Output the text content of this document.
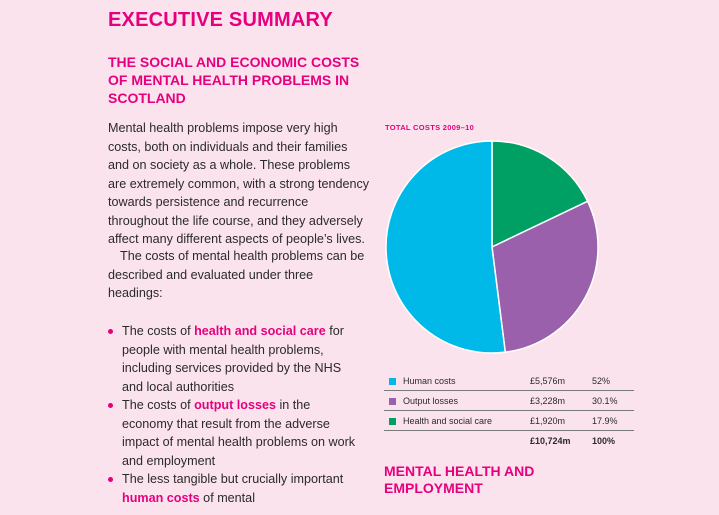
EXECUTIVE SUMMARY
THE SOCIAL AND ECONOMIC COSTS OF MENTAL HEALTH PROBLEMS IN SCOTLAND

Mental health problems impose very high costs, both on individuals and their families and on society as a whole. These problems are extremely common, with a strong tendency towards persistence and recurrence throughout the life course, and they adversely affect many different aspects of people’s lives.

The costs of mental health problems can be described and evaluated under three headings:

The costs of health and social care for people with mental health problems, including services provided by the NHS and local authorities
The costs of output losses in the economy that result from the adverse impact of mental health problems on work and employment
The less tangible but crucially important human costs of mental
TOTAL COSTS 2009–10
Human costs	£5,576m	52%
Output losses	£3,228m	30.1%
Health and social care	£1,920m	17.9%
	£10,724m	100%
MENTAL HEALTH AND EMPLOYMENT
